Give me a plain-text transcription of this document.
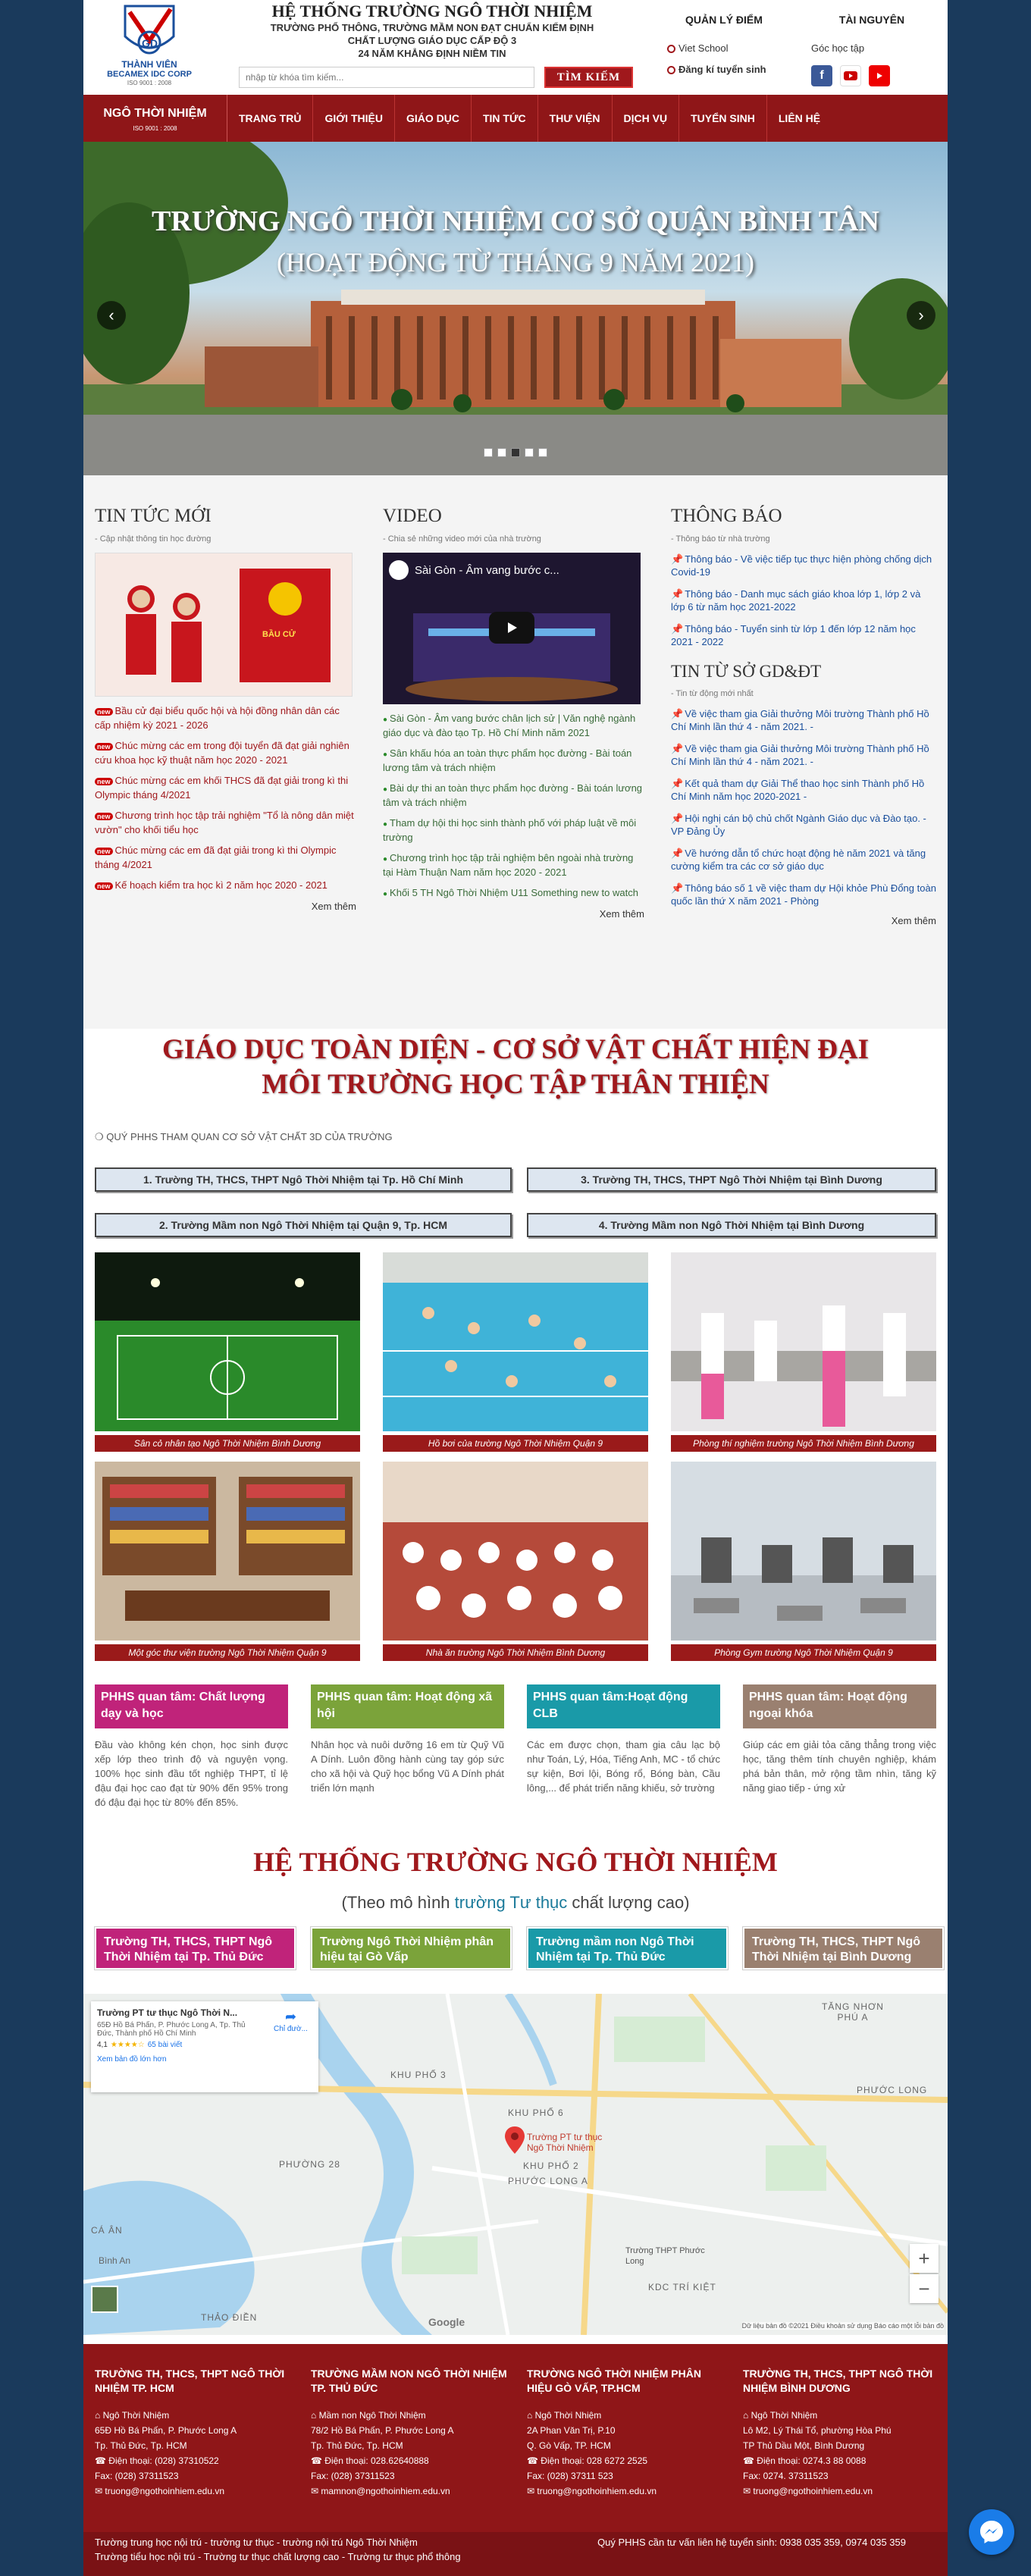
GD
THÀNH VIÊN
BECAMEX IDC CORP
ISO 9001 : 2008
HỆ THỐNG TRƯỜNG NGÔ THỜI NHIỆM
TRƯỜNG PHỔ THÔNG, TRƯỜNG MẦM NON ĐẠT CHUẨN KIỂM ĐỊNH
CHẤT LƯỢNG GIÁO DỤC CẤP ĐỘ 3
24 NĂM KHẲNG ĐỊNH NIỀM TIN
nhập từ khóa tìm kiếm...
TÌM KIẾM
QUẢN LÝ ĐIỂM
Viet School
Đăng kí tuyển sinh
TÀI NGUYÊN
Góc học tập
f
NGÔ THỜI NHIỆM
ISO 9001 : 2008
TRANG TRỦ	GIỚI THIỆU	GIÁO DỤC	TIN TỨC	THƯ VIỆN	DỊCH VỤ	TUYỂN SINH	LIÊN HỆ
TRƯỜNG NGÔ THỜI NHIỆM CƠ SỞ QUẬN BÌNH TÂN
(HOẠT ĐỘNG TỪ THÁNG 9 NĂM 2021)
‹	›
TIN TỨC MỚI
- Cập nhật thông tin học đường
BẦU CỬ
new Bầu cử đại biểu quốc hội và hội đồng nhân dân các cấp nhiệm kỳ 2021 - 2026
new Chúc mừng các em trong đội tuyển đã đạt giải nghiên cứu khoa học kỹ thuật năm học 2020 - 2021
new Chúc mừng các em khối THCS đã đạt giải trong kì thi Olympic tháng 4/2021
new Chương trình học tập trải nghiệm "Tổ là nông dân miệt vườn" cho khối tiểu học
new Chúc mừng các em đã đạt giải trong kì thi Olympic tháng 4/2021
new Kế hoạch kiểm tra học kì 2 năm học 2020 - 2021
Xem thêm
VIDEO
- Chia sẻ những video mới của nhà trường
Sài Gòn - Âm vang bước c...
● Sài Gòn - Âm vang bước chân lịch sử | Văn nghệ ngành giáo dục và đào tạo Tp. Hồ Chí Minh năm 2021
● Sân khấu hóa an toàn thực phẩm học đường - Bài toán lương tâm và trách nhiệm
● Bài dự thi an toàn thực phẩm học đường - Bài toán lương tâm và trách nhiệm
● Tham dự hội thi học sinh thành phố với pháp luật về môi trường
● Chương trình học tập trải nghiệm bên ngoài nhà trường tại Hàm Thuận Nam năm học 2020 - 2021
● Khối 5 TH Ngô Thời Nhiệm U11 Something new to watch
Xem thêm
THÔNG BÁO
- Thông báo từ nhà trường
📌 Thông báo - Về việc tiếp tục thực hiện phòng chống dịch Covid-19
📌 Thông báo - Danh mục sách giáo khoa lớp 1, lớp 2 và lớp 6 từ năm học 2021-2022
📌 Thông báo - Tuyển sinh từ lớp 1 đến lớp 12 năm học 2021 - 2022
TIN TỪ SỞ GD&ĐT
- Tin từ động mới nhất
📌 Về việc tham gia Giải thưởng Môi trường Thành phố Hồ Chí Minh lần thứ 4 - năm 2021. -
📌 Về việc tham gia Giải thưởng Môi trường Thành phố Hồ Chí Minh lần thứ 4 - năm 2021. -
📌 Kết quả tham dự Giải Thể thao học sinh Thành phố Hồ Chí Minh năm học 2020-2021 -
📌 Hội nghị cán bộ chủ chốt Ngành Giáo dục và Đào tạo. - VP Đảng Ủy
📌 Về hướng dẫn tổ chức hoạt động hè năm 2021 và tăng cường kiểm tra các cơ sở giáo dục
📌 Thông báo số 1 về việc tham dự Hội khỏe Phù Đổng toàn quốc lần thứ X năm 2021 - Phòng
Xem thêm
GIÁO DỤC TOÀN DIỆN - CƠ SỞ VẬT CHẤT HIỆN ĐẠI
MÔI TRƯỜNG HỌC TẬP THÂN THIỆN
❍ QUÝ PHHS THAM QUAN CƠ SỞ VẬT CHẤT 3D CỦA TRƯỜNG
1. Trường TH, THCS, THPT Ngô Thời Nhiệm tại Tp. Hồ Chí Minh
2. Trường Mầm non Ngô Thời Nhiệm tại Quận 9, Tp. HCM
3. Trường TH, THCS, THPT Ngô Thời Nhiệm tại Bình Dương
4. Trường Mầm non Ngô Thời Nhiệm tại Bình Dương
Sân cỏ nhân tạo Ngô Thời Nhiệm Bình Dương	Hồ bơi của trường Ngô Thời Nhiệm Quận 9	Phòng thí nghiệm trường Ngô Thời Nhiệm Bình Dương
Một góc thư viện trường Ngô Thời Nhiệm Quận 9	Nhà ăn trường Ngô Thời Nhiệm Bình Dương	Phòng Gym trường Ngô Thời Nhiệm Quận 9
PHHS quan tâm: Chất lượng dạy và học
Đầu vào không kén chọn, học sinh được xếp lớp theo trình độ và nguyện vọng. 100% học sinh đầu tốt nghiệp THPT, tỉ lệ đậu đại học cao đạt từ 90% đến 95% trong đó đậu đại học từ 80% đến 85%.
PHHS quan tâm: Hoạt động xã hội
Nhân học và nuôi dưỡng 16 em từ Quỹ Vũ A Dính. Luôn đồng hành cùng tay góp sức cho xã hội và Quỹ học bổng Vũ A Dính phát triển lớn mạnh
PHHS quan tâm:Hoạt động CLB
Các em được chọn, tham gia câu lạc bộ như Toán, Lý, Hóa, Tiếng Anh, MC - tổ chức sự kiện, Bơi lội, Bóng rổ, Bóng bàn, Cầu lông,... để phát triển năng khiếu, sở trường
PHHS quan tâm: Hoạt động ngoại khóa
Giúp các em giải tỏa căng thẳng trong việc học, tăng thêm tính chuyên nghiệp, khám phá bản thân, mở rộng tầm nhìn, tăng kỹ năng giao tiếp - ứng xử
HỆ THỐNG TRƯỜNG NGÔ THỜI NHIỆM
(Theo mô hình trường Tư thục chất lượng cao)
Trường TH, THCS, THPT Ngô Thời Nhiệm tại Tp. Thủ Đức
Trường Ngô Thời Nhiệm phân hiệu tại Gò Vấp
Trường mầm non Ngô Thời Nhiệm tại Tp. Thủ Đức
Trường TH, THCS, THPT Ngô Thời Nhiệm tại Bình Dương
KHU PHỐ 3
KHU PHỐ 6
KHU PHỐ 2
PHƯỜNG 28
PHƯỚC LONG A
CÁ ÂN
KDC TRÍ KIỆT
THẢO ĐIỀN
TĂNG NHƠN PHÚ A
PHƯỚC LONG
Bình An
Trường PT tư thục Ngô Thời Nhiệm
Trường THPT Phước Long
Trường PT tư thục Ngô Thời N...
65Đ Hồ Bá Phấn, P. Phước Long A, Tp. Thủ Đức, Thành phố Hồ Chí Minh
4,1 ★★★★☆ 65 bài viết
Xem bản đồ lớn hơn
➦
Chỉ đườ...
+
−
Google	Dữ liệu bản đồ ©2021 Điều khoản sử dụng Báo cáo một lỗi bản đồ
TRƯỜNG TH, THCS, THPT NGÔ THỜI NHIỆM TP. HCM
⌂ Ngô Thời Nhiệm
65Đ Hồ Bá Phấn, P. Phước Long A
Tp. Thủ Đức, Tp. HCM
☎ Điện thoại: (028) 37310522
Fax: (028) 37311523
✉ truong@ngothoinhiem.edu.vn
TRƯỜNG MẦM NON NGÔ THỜI NHIỆM TP. THỦ ĐỨC
⌂ Mầm non Ngô Thời Nhiệm
78/2 Hồ Bá Phấn, P. Phước Long A
Tp. Thủ Đức, Tp. HCM
☎ Điện thoại: 028.62640888
Fax: (028) 37311523
✉ mamnon@ngothoinhiem.edu.vn
TRƯỜNG NGÔ THỜI NHIỆM PHÂN HIỆU GÒ VẤP, TP.HCM
⌂ Ngô Thời Nhiệm
2A Phan Văn Trị, P.10
Q. Gò Vấp, TP. HCM
☎ Điện thoại: 028 6272 2525
Fax: (028) 37311 523
✉ truong@ngothoinhiem.edu.vn
TRƯỜNG TH, THCS, THPT NGÔ THỜI NHIỆM BÌNH DƯƠNG
⌂ Ngô Thời Nhiệm
Lô M2, Lý Thái Tổ, phường Hòa Phú
TP Thủ Dầu Một, Bình Dương
☎ Điện thoại: 0274.3 88 0088
Fax: 0274. 37311523
✉ truong@ngothoinhiem.edu.vn
Trường trung học nội trú - trường tư thục - trường nội trú Ngô Thời Nhiệm
Trường tiểu học nội trú - Trường tư thục chất lượng cao - Trường tư thục phổ thông
Quý PHHS cần tư vấn liên hệ tuyển sinh: 0938 035 359, 0974 035 359
